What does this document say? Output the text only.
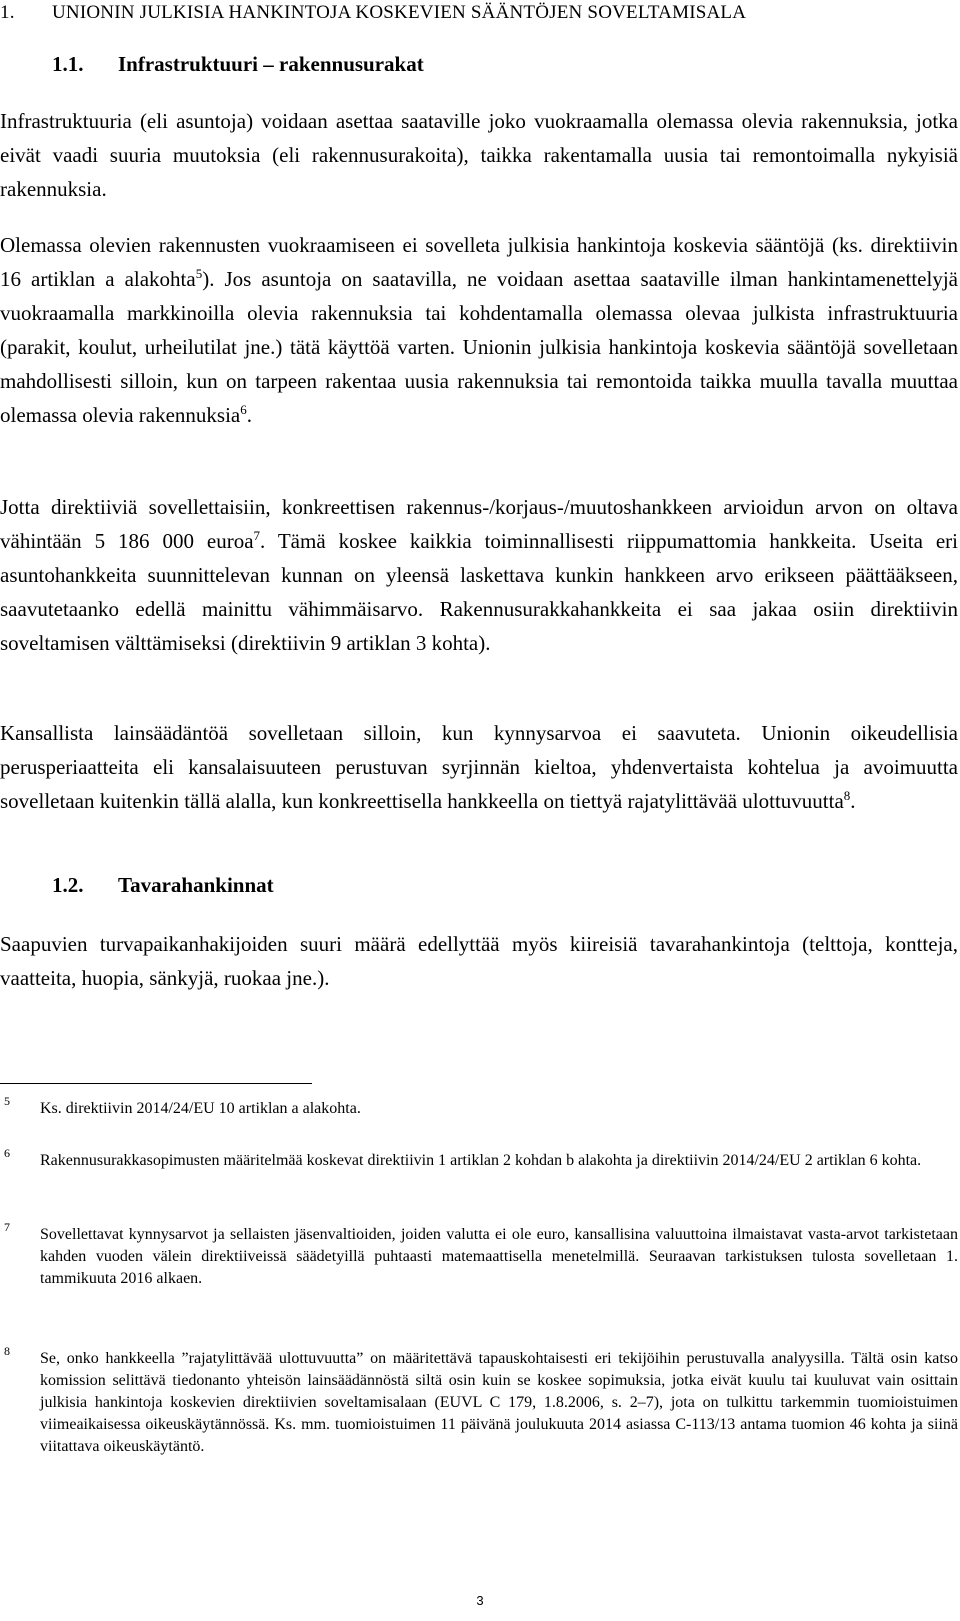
1. UNIONIN JULKISIA HANKINTOJA KOSKEVIEN SÄÄNTÖJEN SOVELTAMISALA
1.1. Infrastruktuuri – rakennusurakat

Infrastruktuuria (eli asuntoja) voidaan asettaa saataville joko vuokraamalla olemassa olevia rakennuksia, jotka eivät vaadi suuria muutoksia (eli rakennusurakoita), taikka rakentamalla uusia tai remontoimalla nykyisiä rakennuksia.

Olemassa olevien rakennusten vuokraamiseen ei sovelleta julkisia hankintoja koskevia sääntöjä (ks. direktiivin 16 artiklan a alakohta$^5$). Jos asuntoja on saatavilla, ne voidaan asettaa saataville ilman hankintamenettelyjä vuokraamalla markkinoilla olevia rakennuksia tai kohdentamalla olemassa olevaa julkista infrastruktuuria (parakit, koulut, urheilutilat jne.) tätä käyttöä varten. Unionin julkisia hankintoja koskevia sääntöjä sovelletaan mahdollisesti silloin, kun on tarpeen rakentaa uusia rakennuksia tai remontoida taikka muulla tavalla muuttaa olemassa olevia rakennuksia$^6$.

Jotta direktiiviä sovellettaisiin, konkreettisen rakennus-/korjaus-/muutoshankkeen arvioidun arvon on oltava vähintään 5 186 000 euroa$^7$. Tämä koskee kaikkia toiminnallisesti riippumattomia hankkeita. Useita eri asuntohankkeita suunnittelevan kunnan on yleensä laskettava kunkin hankkeen arvo erikseen päättääkseen, saavutetaanko edellä mainittu vähimmäisarvo. Rakennusurakkahankkeita ei saa jakaa osiin direktiivin soveltamisen välttämiseksi (direktiivin 9 artiklan 3 kohta).

Kansallista lainsäädäntöä sovelletaan silloin, kun kynnysarvoa ei saavuteta. Unionin oikeudellisia perusperiaatteita eli kansalaisuuteen perustuvan syrjinnän kieltoa, yhdenvertaista kohtelua ja avoimuutta sovelletaan kuitenkin tällä alalla, kun konkreettisella hankkeella on tiettyä rajatylittävää ulottuvuutta$^8$.

1.2. Tavarahankinnat

Saapuvien turvapaikanhakijoiden suuri määrä edellyttää myös kiireisiä tavarahankintoja (telttoja, kontteja, vaatteita, huopia, sänkyjä, ruokaa jne.).

5 Ks. direktiivin 2014/24/EU 10 artiklan a alakohta.
6 Rakennusurakkasopimusten määritelmää koskevat direktiivin 1 artiklan 2 kohdan b alakohta ja direktiivin 2014/24/EU 2 artiklan 6 kohta.
7 Sovellettavat kynnysarvot ja sellaisten jäsenvaltioiden, joiden valutta ei ole euro, kansallisina valuuttoina ilmaistavat vasta-arvot tarkistetaan kahden vuoden välein direktiiveissä säädetyillä puhtaasti matemaattisella menetelmillä. Seuraavan tarkistuksen tulosta sovelletaan 1. tammikuuta 2016 alkaen.
8 Se, onko hankkeella ”rajatylittävää ulottuvuutta” on määritettävä tapauskohtaisesti eri tekijöihin perustuvalla analyysilla. Tältä osin katso komission selittävä tiedonanto yhteisön lainsäädännöstä siltä osin kuin se koskee sopimuksia, jotka eivät kuulu tai kuuluvat vain osittain julkisia hankintoja koskevien direktiivien soveltamisalaan (EUVL C 179, 1.8.2006, s. 2–7), jota on tulkittu tarkemmin tuomioistuimen viimeaikaisessa oikeuskäytännössä. Ks. mm. tuomioistuimen 11 päivänä joulukuuta 2014 asiassa C-113/13 antama tuomion 46 kohta ja siinä viitattava oikeuskäytäntö.
3
